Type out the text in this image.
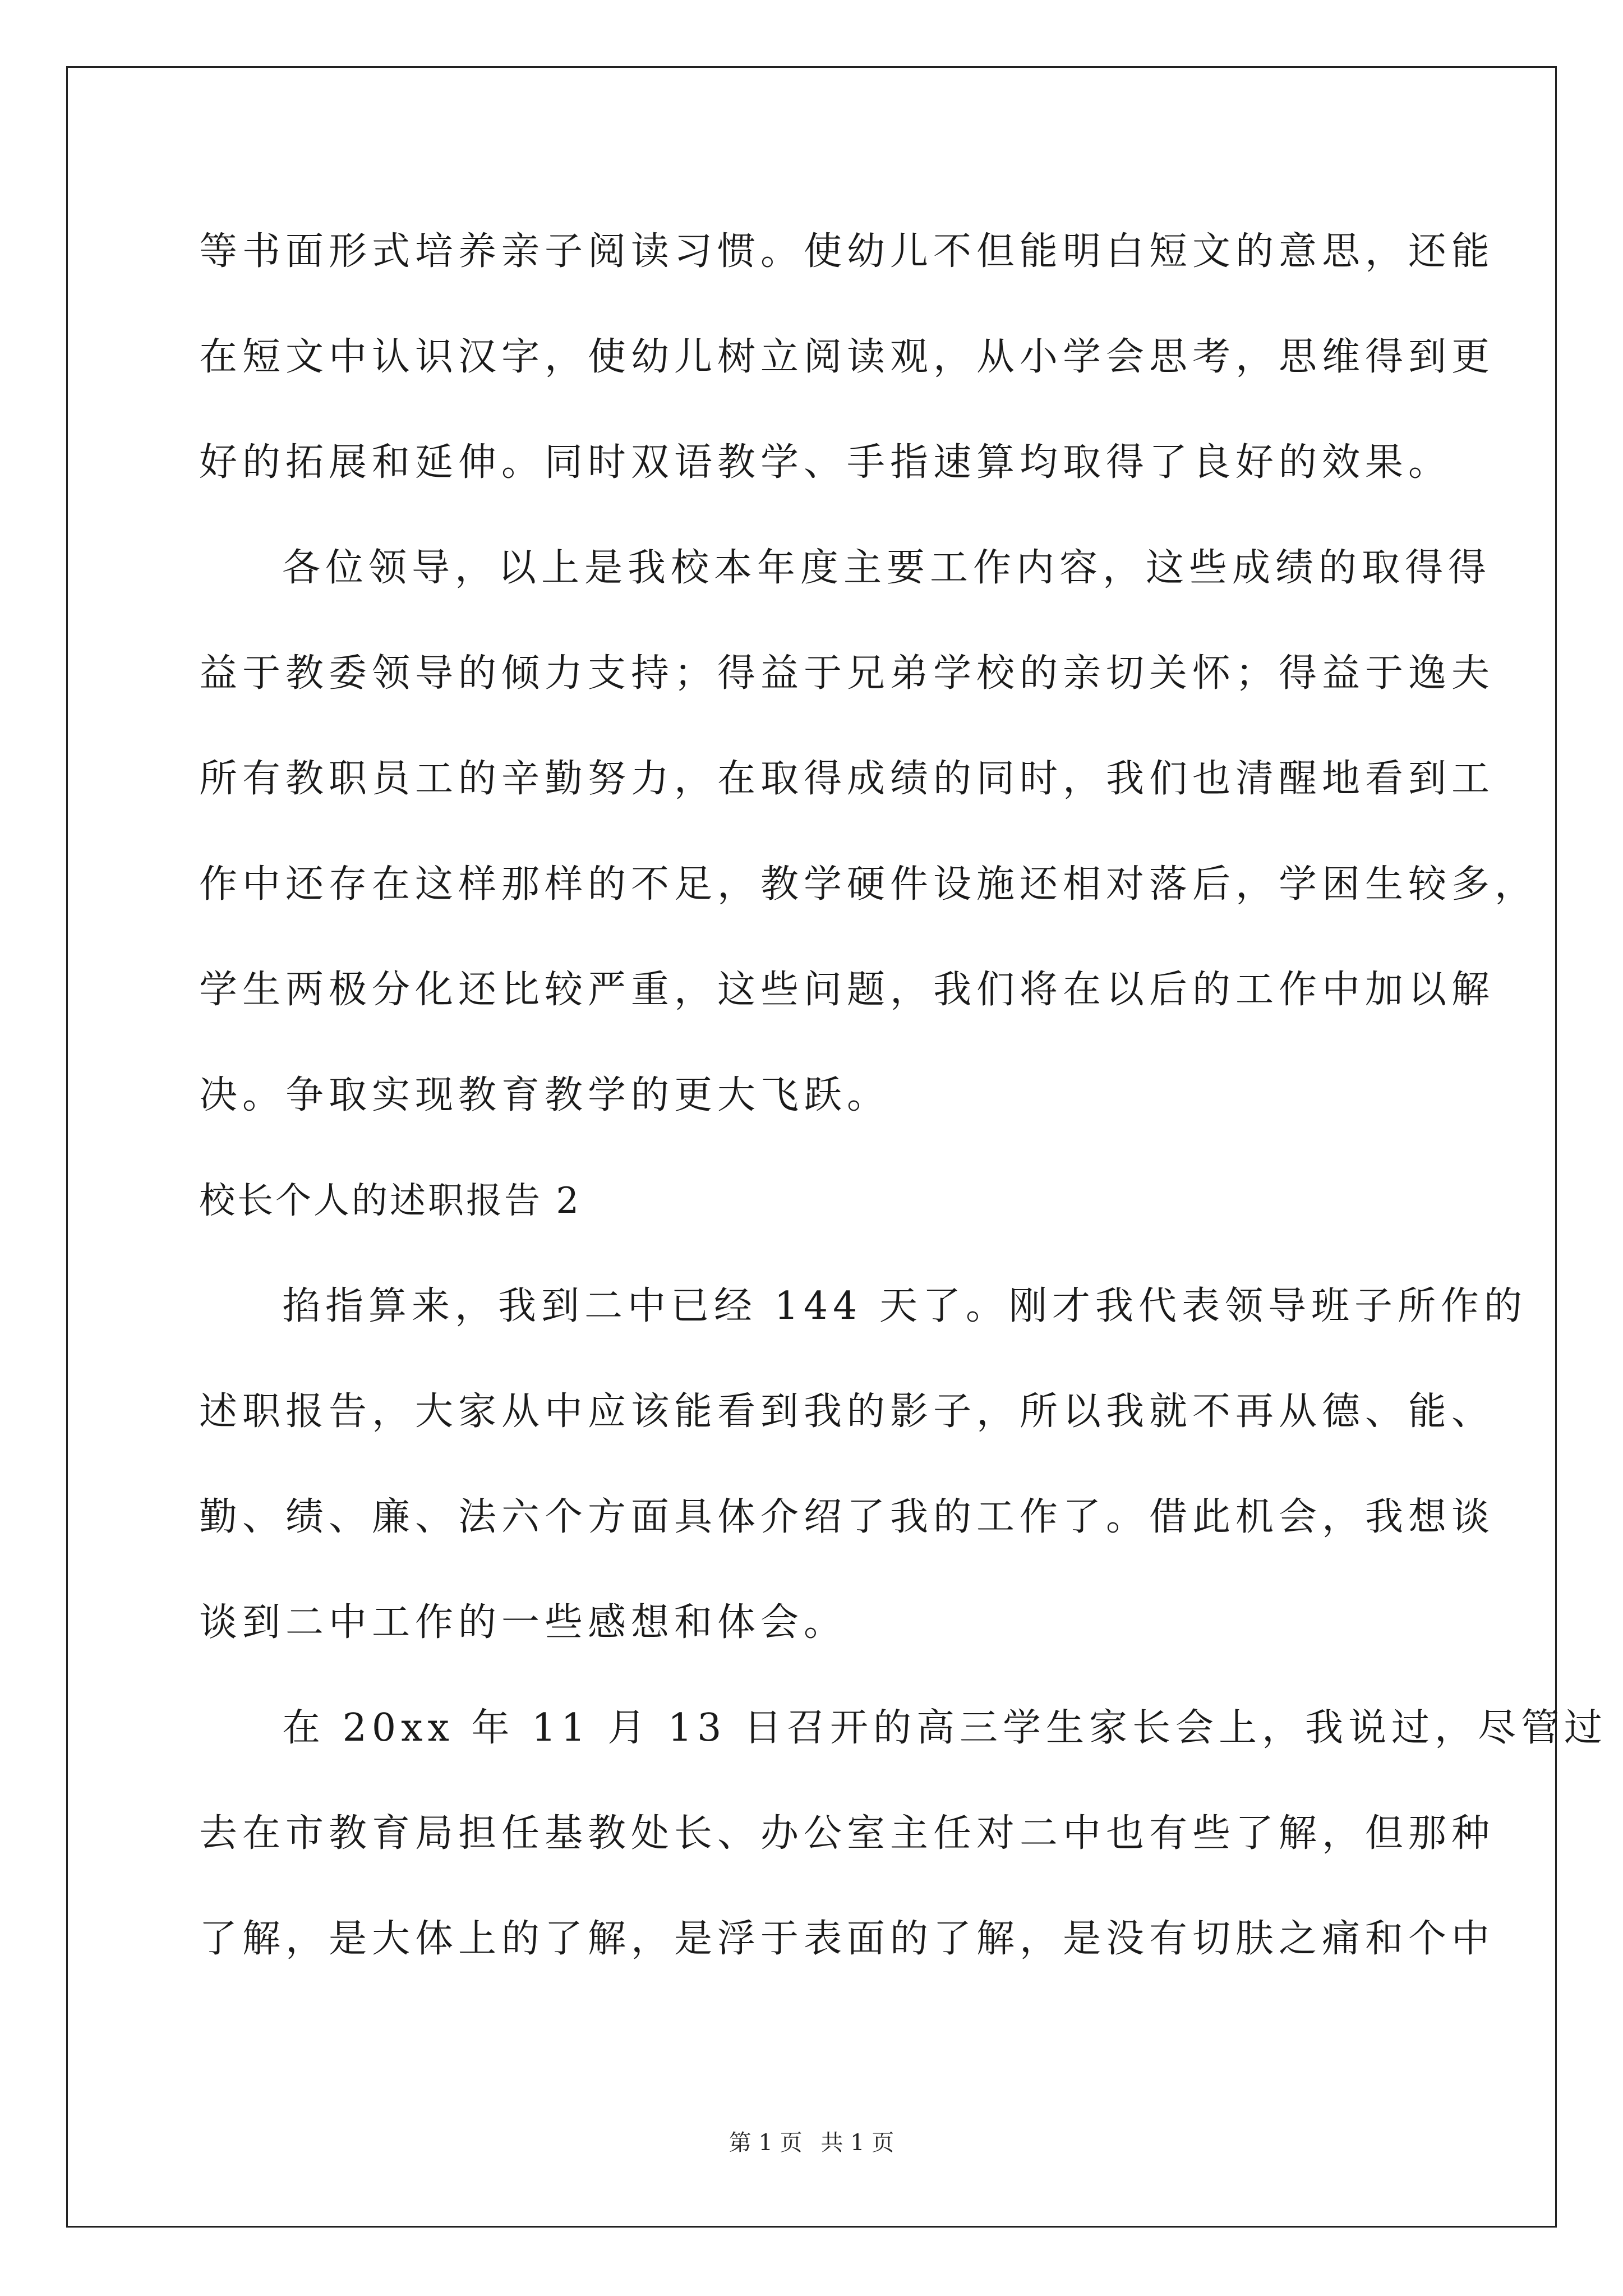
等书面形式培养亲子阅读习惯。使幼儿不但能明白短文的意思，还能
在短文中认识汉字，使幼儿树立阅读观，从小学会思考，思维得到更
好的拓展和延伸。同时双语教学、手指速算均取得了良好的效果。
各位领导，以上是我校本年度主要工作内容，这些成绩的取得得
益于教委领导的倾力支持；得益于兄弟学校的亲切关怀；得益于逸夫
所有教职员工的辛勤努力，在取得成绩的同时，我们也清醒地看到工
作中还存在这样那样的不足，教学硬件设施还相对落后，学困生较多，
学生两极分化还比较严重，这些问题，我们将在以后的工作中加以解
决。争取实现教育教学的更大飞跃。
校长个人的述职报告 2
掐指算来，我到二中已经 144 天了。刚才我代表领导班子所作的
述职报告，大家从中应该能看到我的影子，所以我就不再从德、能、
勤、绩、廉、法六个方面具体介绍了我的工作了。借此机会，我想谈
谈到二中工作的一些感想和体会。
在 20xx 年 11 月 13 日召开的高三学生家长会上，我说过，尽管过
去在市教育局担任基教处长、办公室主任对二中也有些了解，但那种
了解，是大体上的了解，是浮于表面的了解，是没有切肤之痛和个中
第 1 页 共 1 页
